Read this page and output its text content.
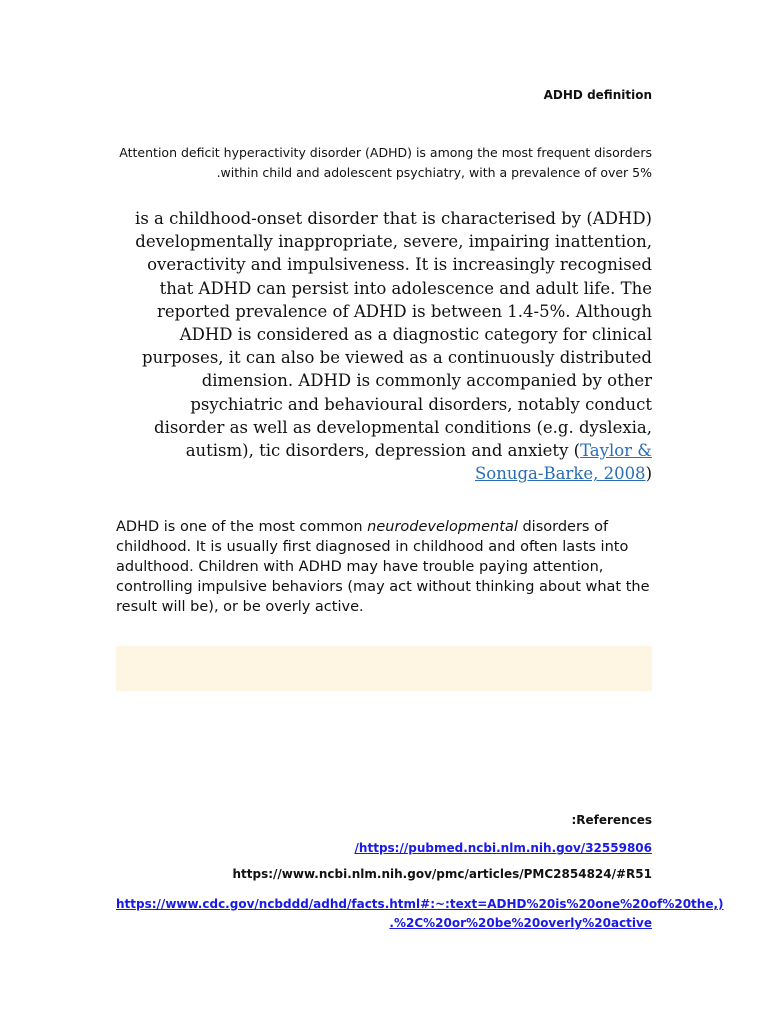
ADHD definition
Attention deficit hyperactivity disorder (ADHD) is among the most frequent disorders
.within child and adolescent psychiatry, with a prevalence of over 5%
is a childhood-onset disorder that is characterised by (ADHD) developmentally inappropriate, severe, impairing inattention, overactivity and impulsiveness. It is increasingly recognised that ADHD can persist into adolescence and adult life. The reported prevalence of ADHD is between 1.4-5%. Although ADHD is considered as a diagnostic category for clinical purposes, it can also be viewed as a continuously distributed dimension. ADHD is commonly accompanied by other psychiatric and behavioural disorders, notably conduct disorder as well as developmental conditions (e.g. dyslexia, autism), tic disorders, depression and anxiety (Taylor & Sonuga-Barke, 2008)
ADHD is one of the most common neurodevelopmental disorders of childhood. It is usually first diagnosed in childhood and often lasts into adulthood. Children with ADHD may have trouble paying attention, controlling impulsive behaviors (may act without thinking about what the result will be), or be overly active.
:References
/https://pubmed.ncbi.nlm.nih.gov/32559806
https://www.ncbi.nlm.nih.gov/pmc/articles/PMC2854824/#R51
https://www.cdc.gov/ncbddd/adhd/facts.html#:~:text=ADHD%20is%20one%20of%20the,)
.%2C%20or%20be%20overly%20active
